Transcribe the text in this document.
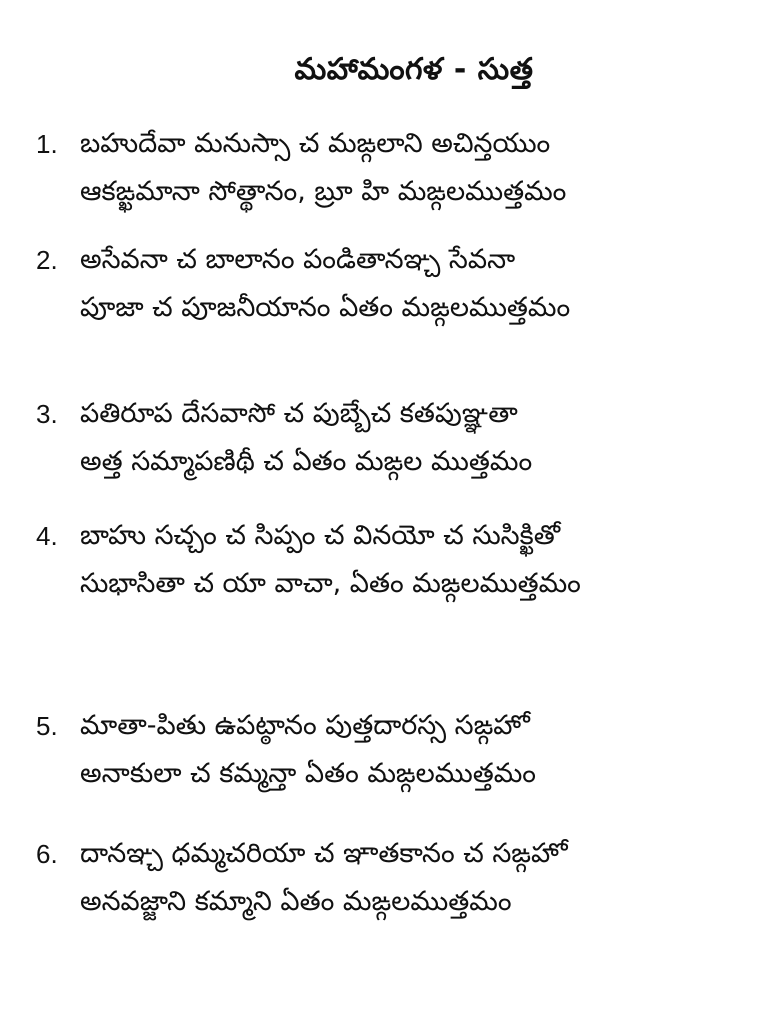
మహామంగళ - సుత్త
1. బహుదేవా మనుస్సా చ మఙ్గలాని అచిన్తయుం
ఆకఙ్ఖమానా సోత్థానం, బ్రూ హి మఙ్గలముత్తమం
2. అసేవనా చ బాలానం పండితానఞ్చ సేవనా
పూజా చ పూజనీయానం ఏతం మఙ్గలముత్తమం
3. పతిరూప దేసవాసో చ పుబ్బేచ కతపుఞ్ఞతా
అత్త సమ్మాపణిథీ చ ఏతం మఙ్గల ముత్తమం
4. బాహు సచ్చం చ సిప్పం చ వినయో చ సుసిక్ఖితో
సుభాసితా చ యా వాచా, ఏతం మఙ్గలముత్తమం
5. మాతా-పితు ఉపట్ఠానం పుత్తదారస్స సఙ్గహో
అనాకులా చ కమ్మన్తా ఏతం మఙ్గలముత్తమం
6. దానఞ్చ ధమ్మచరియా చ ఞాతకానం చ సఙ్గహో
అనవజ్జాని కమ్మాని ఏతం మఙ్గలముత్తమం
